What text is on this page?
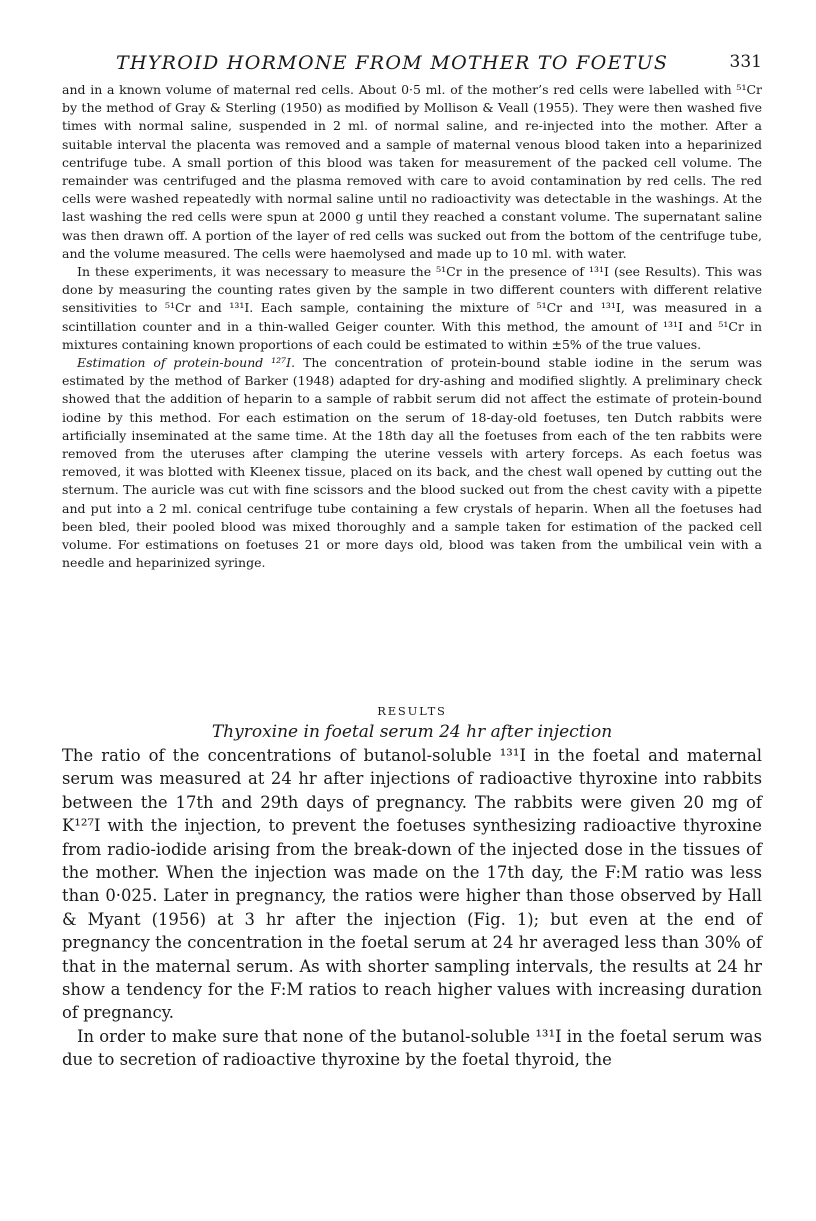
THYROID HORMONE FROM MOTHER TO FOETUS	331

and in a known volume of maternal red cells. About 0·5 ml. of the mother’s red cells were labelled with ⁵¹Cr by the method of Gray & Sterling (1950) as modified by Mollison & Veall (1955). They were then washed five times with normal saline, suspended in 2 ml. of normal saline, and re-injected into the mother. After a suitable interval the placenta was removed and a sample of maternal venous blood taken into a heparinized centrifuge tube. A small portion of this blood was taken for measurement of the packed cell volume. The remainder was centrifuged and the plasma removed with care to avoid contamination by red cells. The red cells were washed repeatedly with normal saline until no radioactivity was detectable in the washings. At the last washing the red cells were spun at 2000 g until they reached a constant volume. The supernatant saline was then drawn off. A portion of the layer of red cells was sucked out from the bottom of the centrifuge tube, and the volume measured. The cells were haemolysed and made up to 10 ml. with water.

In these experiments, it was necessary to measure the ⁵¹Cr in the presence of ¹³¹I (see Results). This was done by measuring the counting rates given by the sample in two different counters with different relative sensitivities to ⁵¹Cr and ¹³¹I. Each sample, containing the mixture of ⁵¹Cr and ¹³¹I, was measured in a scintillation counter and in a thin-walled Geiger counter. With this method, the amount of ¹³¹I and ⁵¹Cr in mixtures containing known proportions of each could be estimated to within ±5% of the true values.

Estimation of protein-bound ¹²⁷I. The concentration of protein-bound stable iodine in the serum was estimated by the method of Barker (1948) adapted for dry-ashing and modified slightly. A preliminary check showed that the addition of heparin to a sample of rabbit serum did not affect the estimate of protein-bound iodine by this method. For each estimation on the serum of 18-day-old foetuses, ten Dutch rabbits were artificially inseminated at the same time. At the 18th day all the foetuses from each of the ten rabbits were removed from the uteruses after clamping the uterine vessels with artery forceps. As each foetus was removed, it was blotted with Kleenex tissue, placed on its back, and the chest wall opened by cutting out the sternum. The auricle was cut with fine scissors and the blood sucked out from the chest cavity with a pipette and put into a 2 ml. conical centrifuge tube containing a few crystals of heparin. When all the foetuses had been bled, their pooled blood was mixed thoroughly and a sample taken for estimation of the packed cell volume. For estimations on foetuses 21 or more days old, blood was taken from the umbilical vein with a needle and heparinized syringe.

RESULTS
Thyroxine in foetal serum 24 hr after injection

The ratio of the concentrations of butanol-soluble ¹³¹I in the foetal and maternal serum was measured at 24 hr after injections of radioactive thyroxine into rabbits between the 17th and 29th days of pregnancy. The rabbits were given 20 mg of K¹²⁷I with the injection, to prevent the foetuses synthesizing radioactive thyroxine from radio-iodide arising from the break-down of the injected dose in the tissues of the mother. When the injection was made on the 17th day, the F:M ratio was less than 0·025. Later in pregnancy, the ratios were higher than those observed by Hall & Myant (1956) at 3 hr after the injection (Fig. 1); but even at the end of pregnancy the concentration in the foetal serum at 24 hr averaged less than 30% of that in the maternal serum. As with shorter sampling intervals, the results at 24 hr show a tendency for the F:M ratios to reach higher values with increasing duration of pregnancy.

In order to make sure that none of the butanol-soluble ¹³¹I in the foetal serum was due to secretion of radioactive thyroxine by the foetal thyroid, the
